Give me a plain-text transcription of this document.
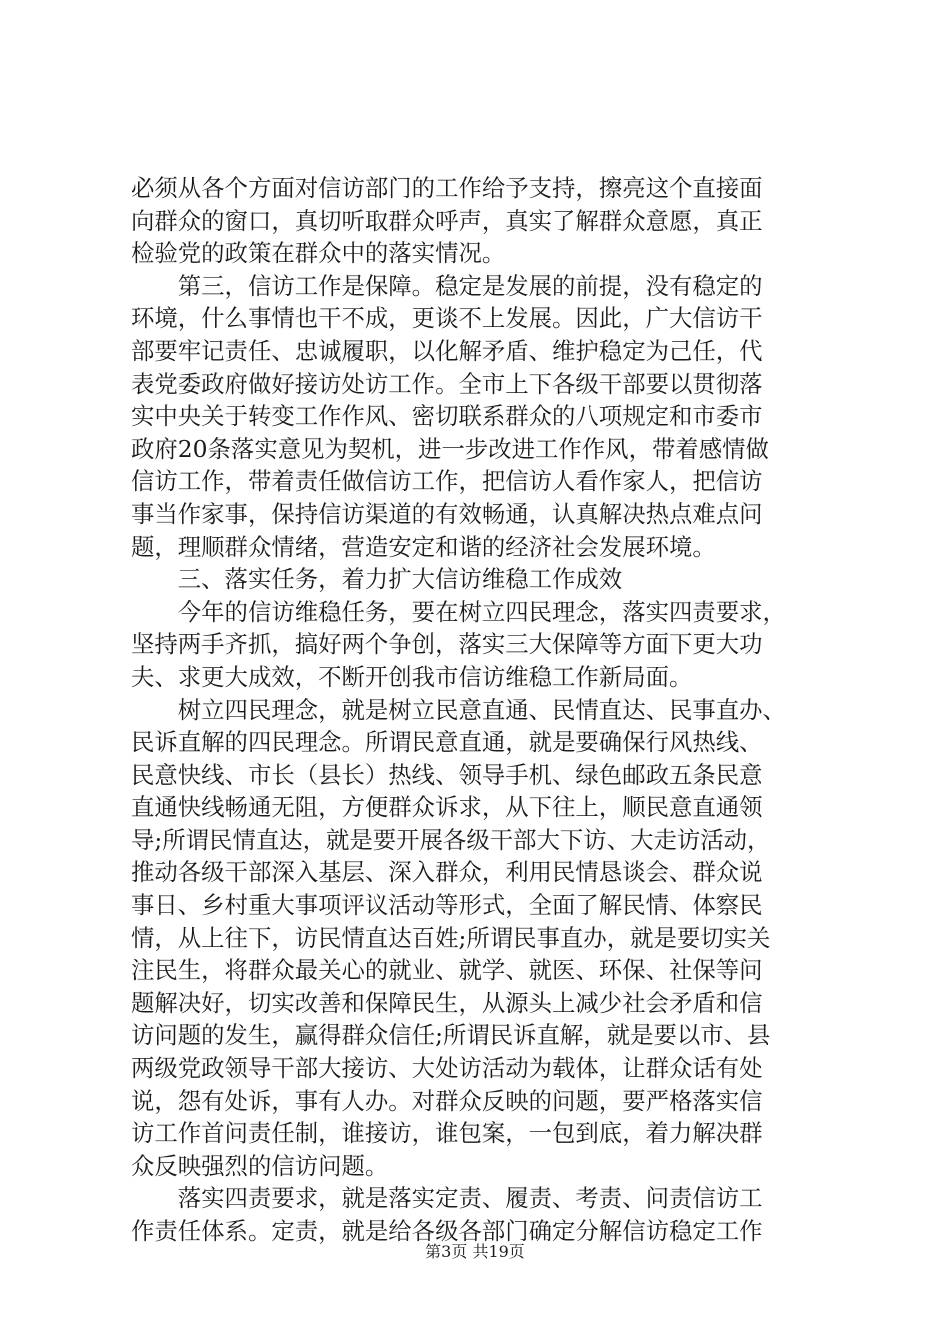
必须从各个方面对信访部门的工作给予支持，擦亮这个直接面
向群众的窗口，真切听取群众呼声，真实了解群众意愿，真正
检验党的政策在群众中的落实情况。
　　第三，信访工作是保障。稳定是发展的前提，没有稳定的
环境，什么事情也干不成，更谈不上发展。因此，广大信访干
部要牢记责任、忠诚履职，以化解矛盾、维护稳定为己任，代
表党委政府做好接访处访工作。全市上下各级干部要以贯彻落
实中央关于转变工作作风、密切联系群众的八项规定和市委市
政府20条落实意见为契机，进一步改进工作作风，带着感情做
信访工作，带着责任做信访工作，把信访人看作家人，把信访
事当作家事，保持信访渠道的有效畅通，认真解决热点难点问
题，理顺群众情绪，营造安定和谐的经济社会发展环境。
　　三、落实任务，着力扩大信访维稳工作成效
　　今年的信访维稳任务，要在树立四民理念，落实四责要求，
坚持两手齐抓，搞好两个争创，落实三大保障等方面下更大功
夫、求更大成效，不断开创我市信访维稳工作新局面。
　　树立四民理念，就是树立民意直通、民情直达、民事直办、
民诉直解的四民理念。所谓民意直通，就是要确保行风热线、
民意快线、市长（县长）热线、领导手机、绿色邮政五条民意
直通快线畅通无阻，方便群众诉求，从下往上，顺民意直通领
导;所谓民情直达，就是要开展各级干部大下访、大走访活动，
推动各级干部深入基层、深入群众，利用民情恳谈会、群众说
事日、乡村重大事项评议活动等形式，全面了解民情、体察民
情，从上往下，访民情直达百姓;所谓民事直办，就是要切实关
注民生，将群众最关心的就业、就学、就医、环保、社保等问
题解决好，切实改善和保障民生，从源头上减少社会矛盾和信
访问题的发生，赢得群众信任;所谓民诉直解，就是要以市、县
两级党政领导干部大接访、大处访活动为载体，让群众话有处
说，怨有处诉，事有人办。对群众反映的问题，要严格落实信
访工作首问责任制，谁接访，谁包案，一包到底，着力解决群
众反映强烈的信访问题。
　　落实四责要求，就是落实定责、履责、考责、问责信访工
作责任体系。定责，就是给各级各部门确定分解信访稳定工作
第3页 共19页
